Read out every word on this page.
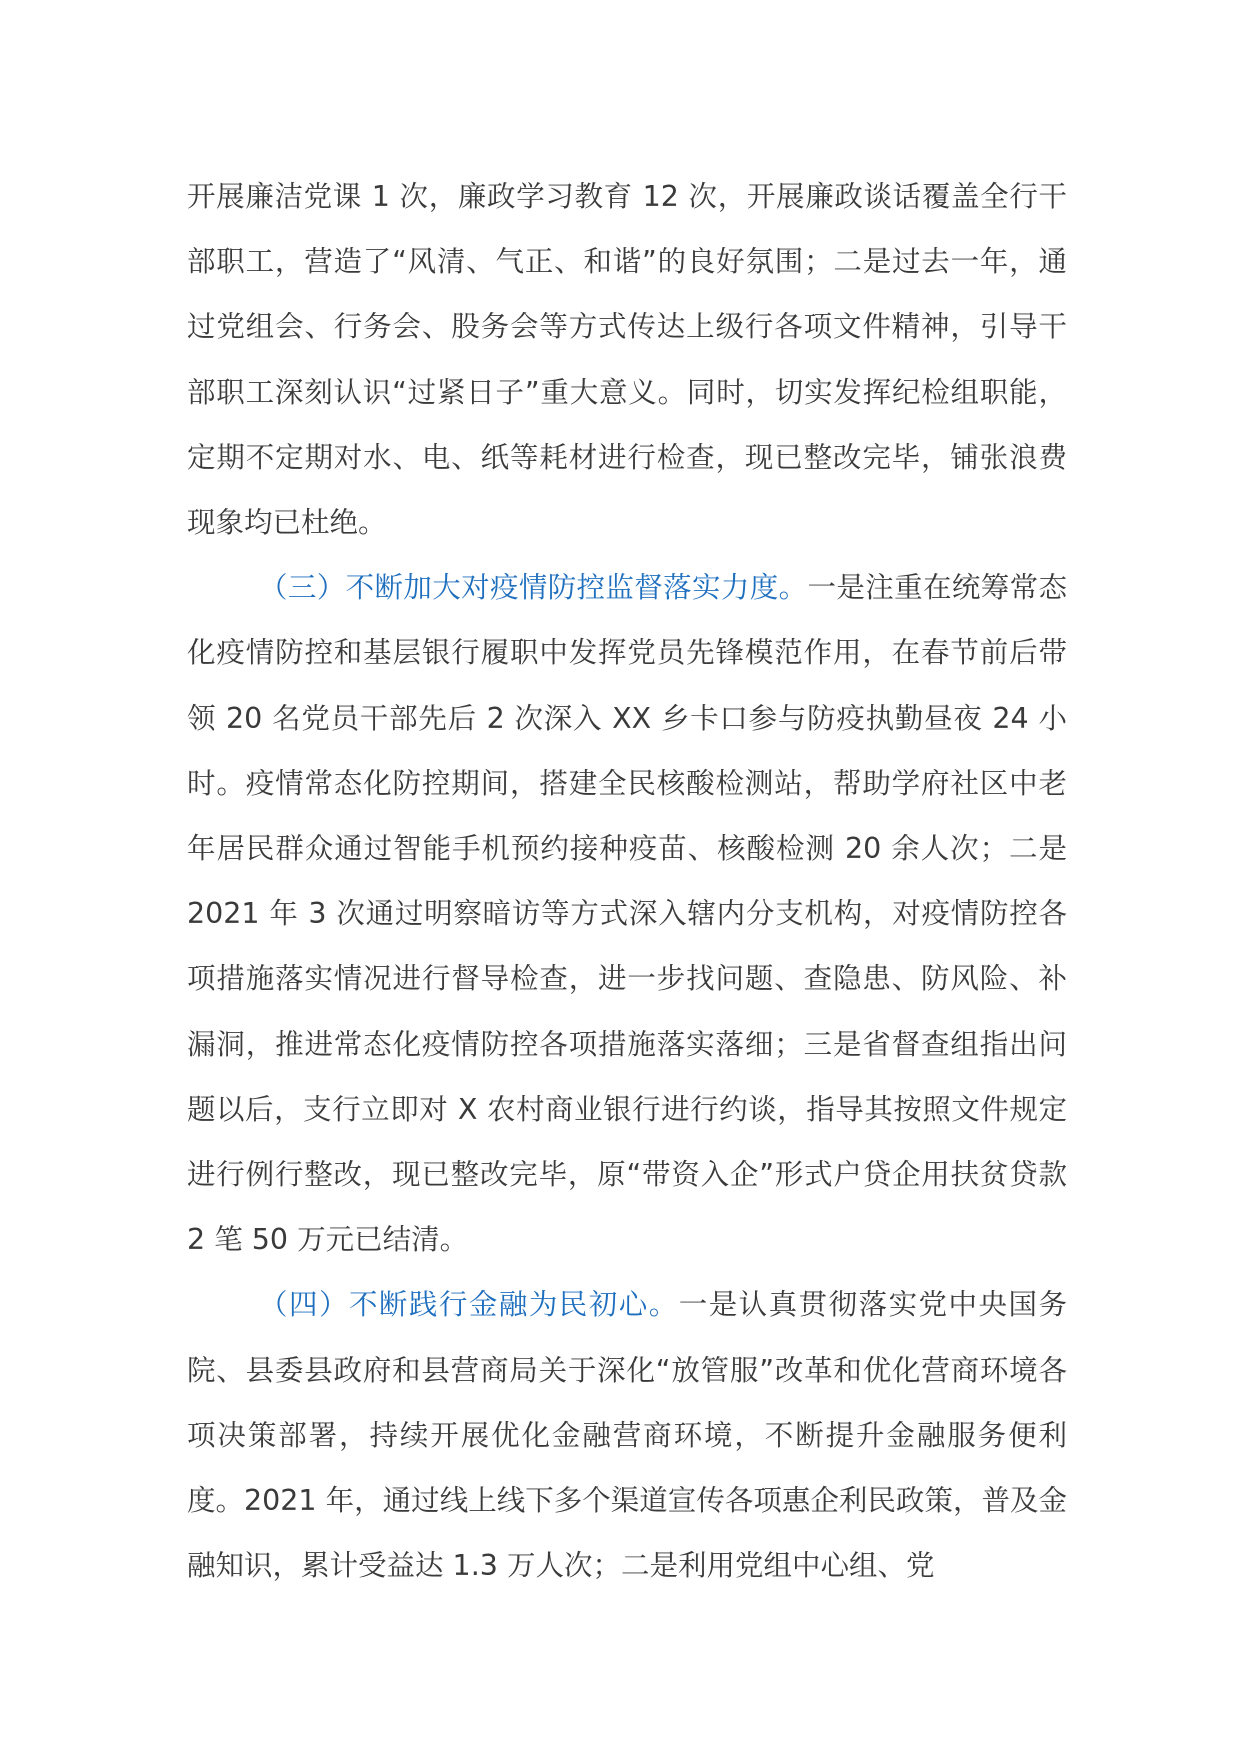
开展廉洁党课 1 次，廉政学习教育 12 次，开展廉政谈话覆盖全行干部职工，营造了“风清、气正、和谐”的良好氛围；二是过去一年，通过党组会、行务会、股务会等方式传达上级行各项文件精神，引导干部职工深刻认识“过紧日子”重大意义。同时，切实发挥纪检组职能，定期不定期对水、电、纸等耗材进行检查，现已整改完毕，铺张浪费现象均已杜绝。

（三）不断加大对疫情防控监督落实力度。一是注重在统筹常态化疫情防控和基层银行履职中发挥党员先锋模范作用，在春节前后带领 20 名党员干部先后 2 次深入 XX 乡卡口参与防疫执勤昼夜 24 小时。疫情常态化防控期间，搭建全民核酸检测站，帮助学府社区中老年居民群众通过智能手机预约接种疫苗、核酸检测 20 余人次；二是 2021 年 3 次通过明察暗访等方式深入辖内分支机构，对疫情防控各项措施落实情况进行督导检查，进一步找问题、查隐患、防风险、补漏洞，推进常态化疫情防控各项措施落实落细；三是省督查组指出问题以后，支行立即对 X 农村商业银行进行约谈，指导其按照文件规定进行例行整改，现已整改完毕，原“带资入企”形式户贷企用扶贫贷款 2 笔 50 万元已结清。

（四）不断践行金融为民初心。一是认真贯彻落实党中央国务院、县委县政府和县营商局关于深化“放管服”改革和优化营商环境各项决策部署，持续开展优化金融营商环境，不断提升金融服务便利度。2021 年，通过线上线下多个渠道宣传各项惠企利民政策，普及金融知识，累计受益达 1.3 万人次；二是利用党组中心组、党
